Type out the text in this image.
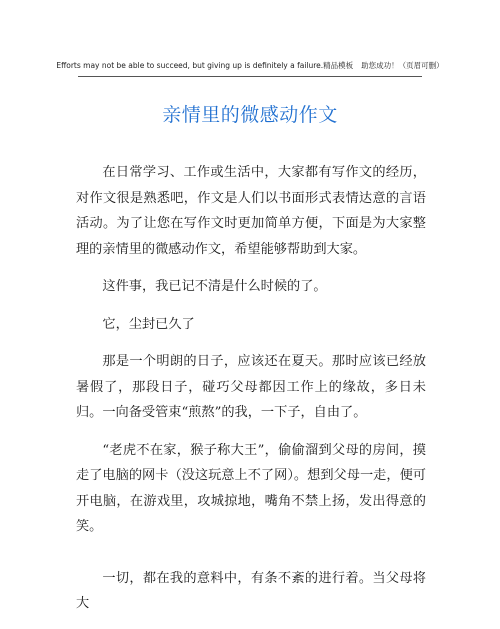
Efforts may not be able to succeed, but giving up is definitely a failure.精品模板 助您成功！（页眉可删）
亲情里的微感动作文

在日常学习、工作或生活中，大家都有写作文的经历，对作文很是熟悉吧，作文是人们以书面形式表情达意的言语活动。为了让您在写作文时更加简单方便，下面是为大家整理的亲情里的微感动作文，希望能够帮助到大家。

这件事，我已记不清是什么时候的了。

它，尘封已久了

那是一个明朗的日子，应该还在夏天。那时应该已经放暑假了，那段日子，碰巧父母都因工作上的缘故，多日未归。一向备受管束“煎熬”的我，一下子，自由了。

“老虎不在家，猴子称大王”，偷偷溜到父母的房间，摸走了电脑的网卡（没这玩意上不了网）。想到父母一走，便可开电脑，在游戏里，攻城掠地，嘴角不禁上扬，发出得意的笑。

一切，都在我的意料中，有条不紊的进行着。当父母将大
